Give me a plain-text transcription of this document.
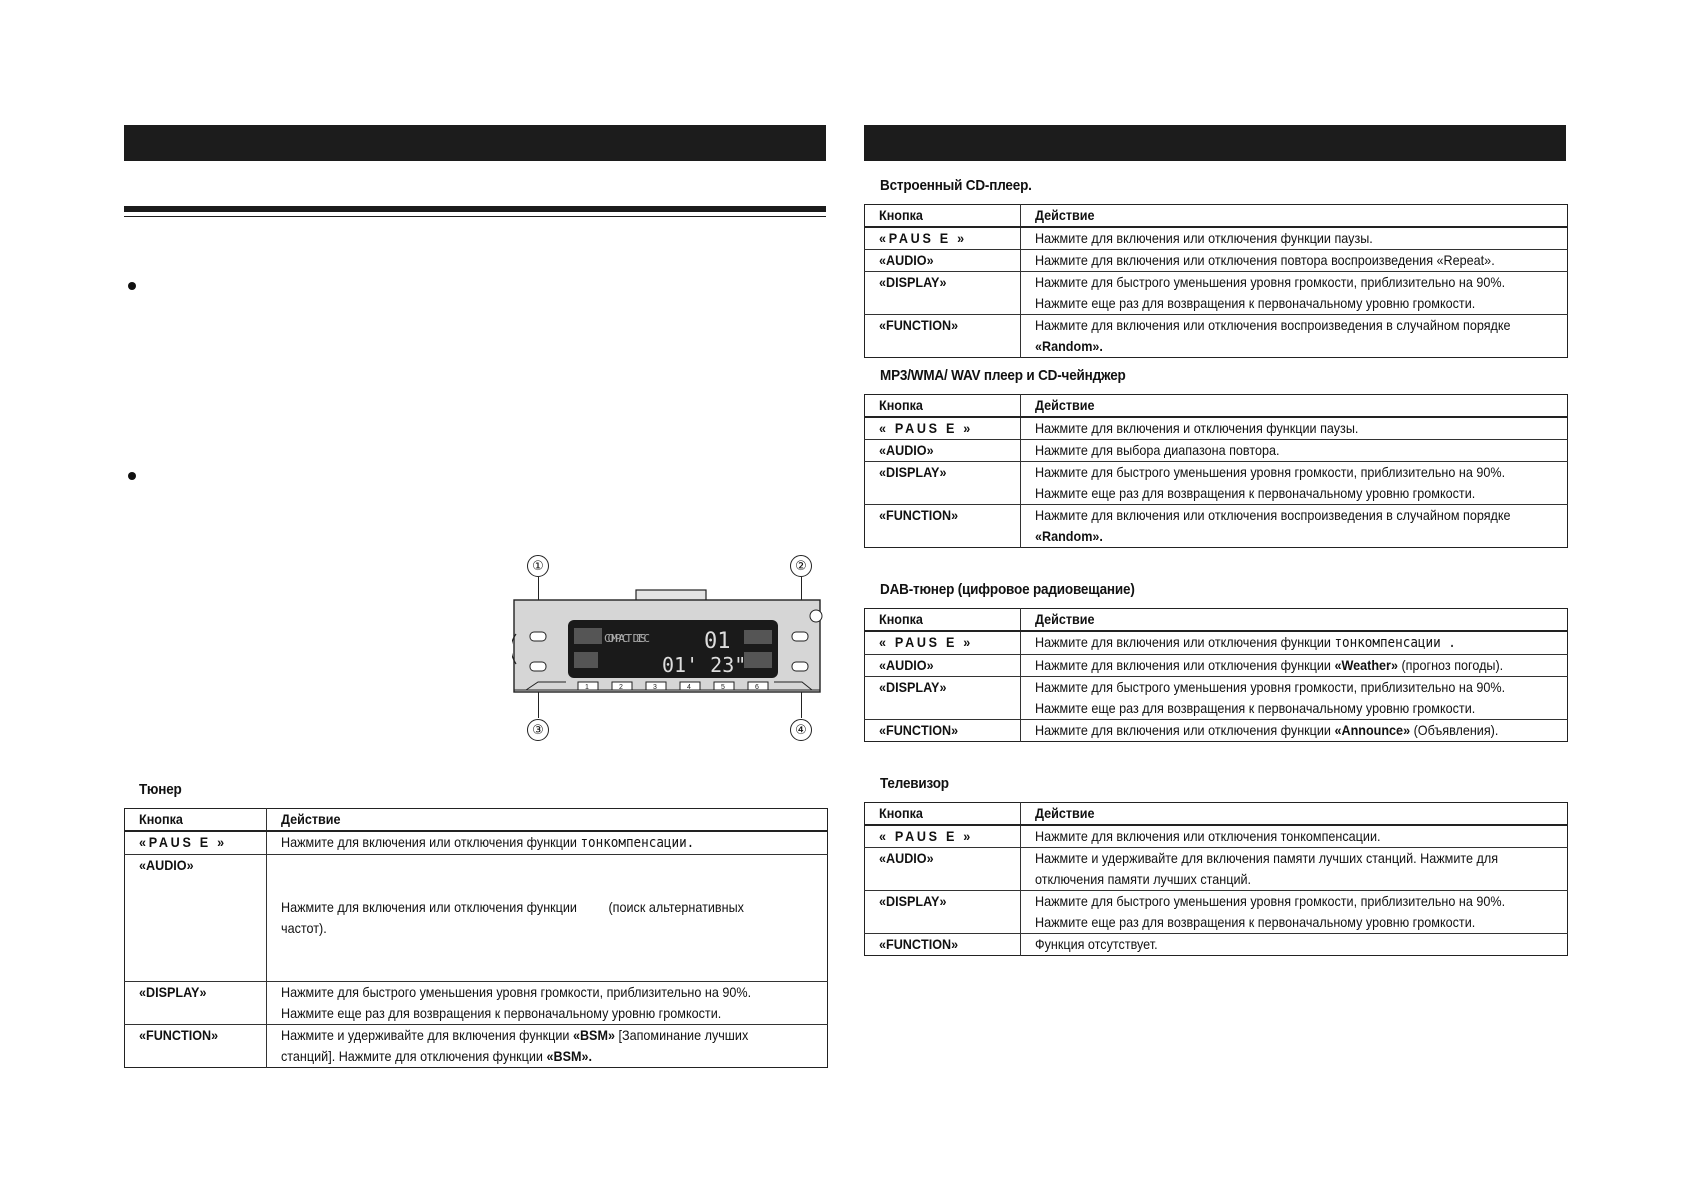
Встроенный CD-плеер.
Кнопка	Действие
«PAUS E »	Нажмите для включения или отключения функции паузы.

«AUDIO»	Нажмите для включения или отключения повтора воспроизведения «Repeat».

«DISPLAY»	Нажмите для быстрого уменьшения уровня громкости, приблизительно на 90%.
Нажмите еще раз для возвращения к первоначальному уровню громкости.

«FUNCTION»	Нажмите для включения или отключения воспроизведения в случайном порядке
«Random».
MP3/WMA/ WAV плеер и CD-чейнджер
Кнопка	Действие
« PAUS E »	Нажмите для включения и отключения функции паузы.

«AUDIO»	Нажмите для выбора диапазона повтора.

«DISPLAY»	Нажмите для быстрого уменьшения уровня громкости, приблизительно на 90%.
Нажмите еще раз для возвращения к первоначальному уровню громкости.

«FUNCTION»	Нажмите для включения или отключения воспроизведения в случайном порядке
«Random».
DAB-тюнер (цифровое радиовещание)
Кнопка	Действие
« PAUS E »	Нажмите для включения или отключения функции тонкомпенсации .

«AUDIO»	Нажмите для включения или отключения функции «Weather» (прогноз погоды).

«DISPLAY»	Нажмите для быстрого уменьшения уровня громкости, приблизительно на 90%.
Нажмите еще раз для возвращения к первоначальному уровню громкости.

«FUNCTION»	Нажмите для включения или отключения функции «Announce» (Объявления).
Телевизор
Кнопка	Действие
« PAUS E »	Нажмите для включения или отключения тонкомпенсации.

«AUDIO»	Нажмите и удерживайте для включения памяти лучших станций. Нажмите для
отключения памяти лучших станций.

«DISPLAY»	Нажмите для быстрого уменьшения уровня громкости, приблизительно на 90%.
Нажмите еще раз для возвращения к первоначальному уровню громкости.

«FUNCTION»	Функция отсутствует.
Тюнер
Кнопка	Действие
«PAUS E »	Нажмите для включения или отключения функции тонкомпенсации.

«AUDIO»	Нажмите для включения или отключения функции         (поиск альтернативных
частот).

«DISPLAY»	Нажмите для быстрого уменьшения уровня громкости, приблизительно на 90%.
Нажмите еще раз для возвращения к первоначальному уровню громкости.

«FUNCTION»	Нажмите и удерживайте для включения функции «BSM» [Запоминание лучших
станций]. Нажмите для отключения функции «BSM».
①	②
③	④
COMPACT DISC 01
01' 23"
1	2	3	4	5	6
